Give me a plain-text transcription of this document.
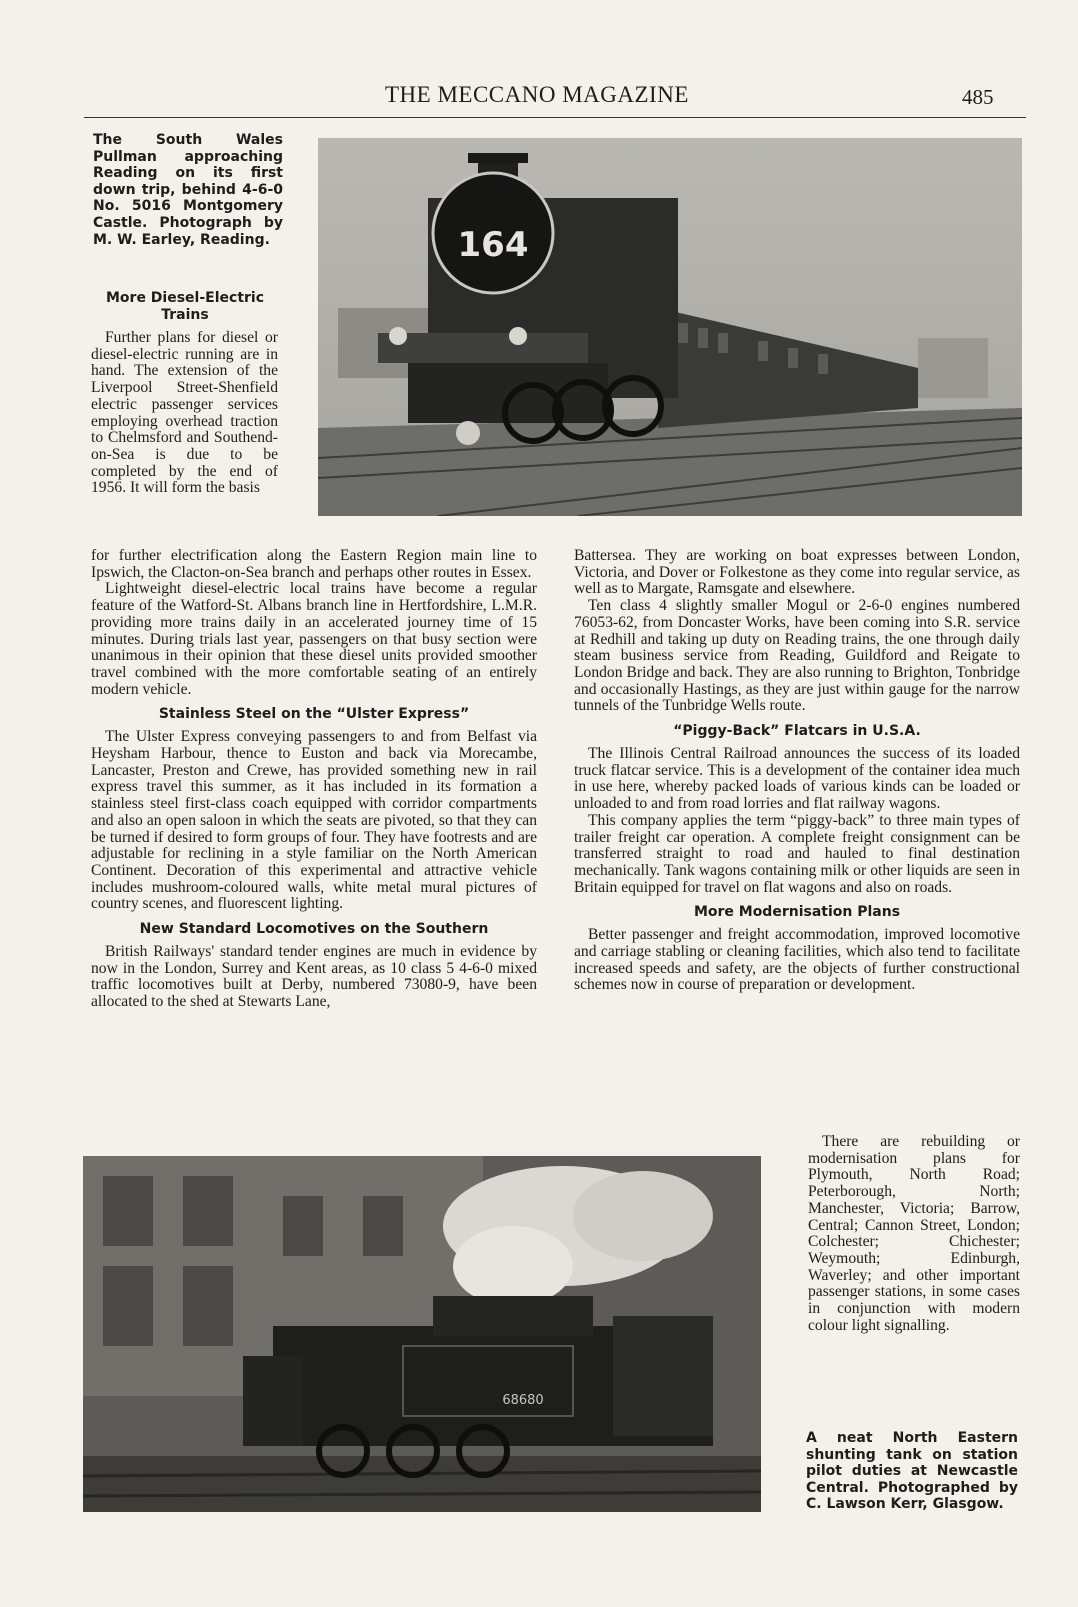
THE MECCANO MAGAZINE	485
The South Wales Pullman approaching Reading on its first down trip, behind 4-6-0 No. 5016 Montgomery Castle. Photograph by M. W. Earley, Reading.	164
More Diesel-Electric Trains

Further plans for diesel or diesel-electric running are in hand. The extension of the Liverpool Street-Shenfield electric passenger services employing overhead traction to Chelmsford and Southend-on-Sea is due to be completed by the end of 1956. It will form the basis

for further electrification along the Eastern Region main line to Ipswich, the Clacton-on-Sea branch and perhaps other routes in Essex.

Lightweight diesel-electric local trains have become a regular feature of the Watford-St. Albans branch line in Hertfordshire, L.M.R. providing more trains daily in an accelerated journey time of 15 minutes. During trials last year, passengers on that busy section were unanimous in their opinion that these diesel units provided smoother travel combined with the more comfortable seating of an entirely modern vehicle.

Stainless Steel on the “Ulster Express”

The Ulster Express conveying passengers to and from Belfast via Heysham Harbour, thence to Euston and back via Morecambe, Lancaster, Preston and Crewe, has provided something new in rail express travel this summer, as it has included in its formation a stainless steel first-class coach equipped with corridor compartments and also an open saloon in which the seats are pivoted, so that they can be turned if desired to form groups of four. They have footrests and are adjustable for reclining in a style familiar on the North American Continent. Decoration of this experimental and attractive vehicle includes mushroom-coloured walls, white metal mural pictures of country scenes, and fluorescent lighting.

New Standard Locomotives on the Southern

British Railways' standard tender engines are much in evidence by now in the London, Surrey and Kent areas, as 10 class 5 4-6-0 mixed traffic locomotives built at Derby, numbered 73080-9, have been allocated to the shed at Stewarts Lane,

Battersea. They are working on boat expresses between London, Victoria, and Dover or Folkestone as they come into regular service, as well as to Margate, Ramsgate and elsewhere.

Ten class 4 slightly smaller Mogul or 2-6-0 engines numbered 76053-62, from Doncaster Works, have been coming into S.R. service at Redhill and taking up duty on Reading trains, the one through daily steam business service from Reading, Guildford and Reigate to London Bridge and back. They are also running to Brighton, Tonbridge and occasionally Hastings, as they are just within gauge for the narrow tunnels of the Tunbridge Wells route.

“Piggy-Back” Flatcars in U.S.A.

The Illinois Central Railroad announces the success of its loaded truck flatcar service. This is a development of the container idea much in use here, whereby packed loads of various kinds can be loaded or unloaded to and from road lorries and flat railway wagons.

This company applies the term “piggy-back” to three main types of trailer freight car operation. A complete freight consignment can be transferred straight to road and hauled to final destination mechanically. Tank wagons containing milk or other liquids are seen in Britain equipped for travel on flat wagons and also on roads.

More Modernisation Plans

Better passenger and freight accommodation, improved locomotive and carriage stabling or cleaning facilities, which also tend to facilitate increased speeds and safety, are the objects of further constructional schemes now in course of preparation or development.

There are rebuilding or modernisation plans for Plymouth, North Road; Peterborough, North; Manchester, Victoria; Barrow, Central; Cannon Street, London; Colchester; Chichester; Weymouth; Edinburgh, Waverley; and other important passenger stations, in some cases in conjunction with modern colour light signalling.

68680
A neat North Eastern shunting tank on station pilot duties at Newcastle Central. Photographed by C. Lawson Kerr, Glasgow.
